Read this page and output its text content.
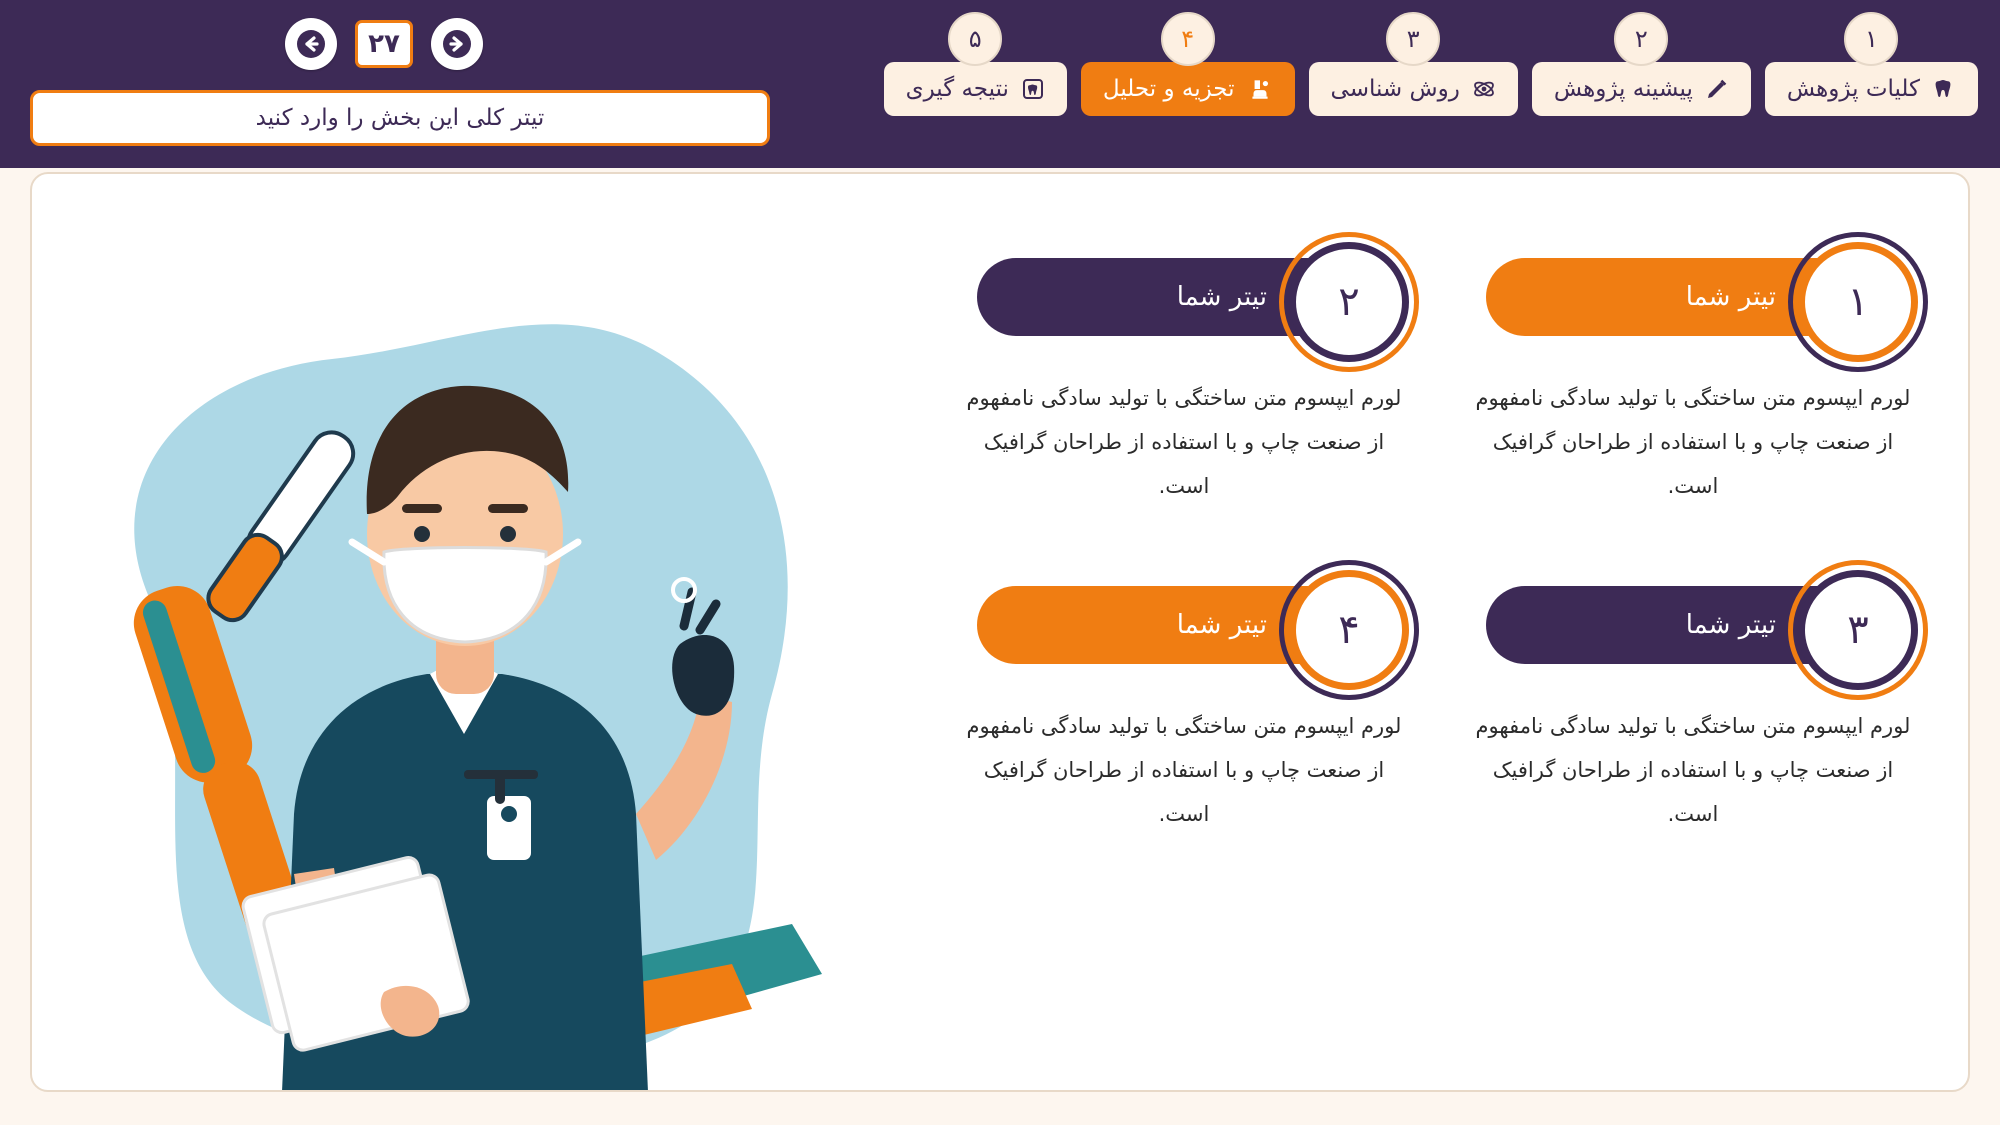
۲۷
تیتر کلی این بخش را وارد کنید	۱
کلیات پژوهش
۲
پیشینه پژوهش
۳
روش شناسی
۴
تجزیه و تحلیل
۵
نتیجه گیری
تیتر شما	۱
لورم ایپسوم متن ساختگی با تولید سادگی نامفهوم از صنعت چاپ و با استفاده از طراحان گرافیک است.
تیتر شما	۲
لورم ایپسوم متن ساختگی با تولید سادگی نامفهوم از صنعت چاپ و با استفاده از طراحان گرافیک است.
تیتر شما	۳
لورم ایپسوم متن ساختگی با تولید سادگی نامفهوم از صنعت چاپ و با استفاده از طراحان گرافیک است.
تیتر شما	۴
لورم ایپسوم متن ساختگی با تولید سادگی نامفهوم از صنعت چاپ و با استفاده از طراحان گرافیک است.
